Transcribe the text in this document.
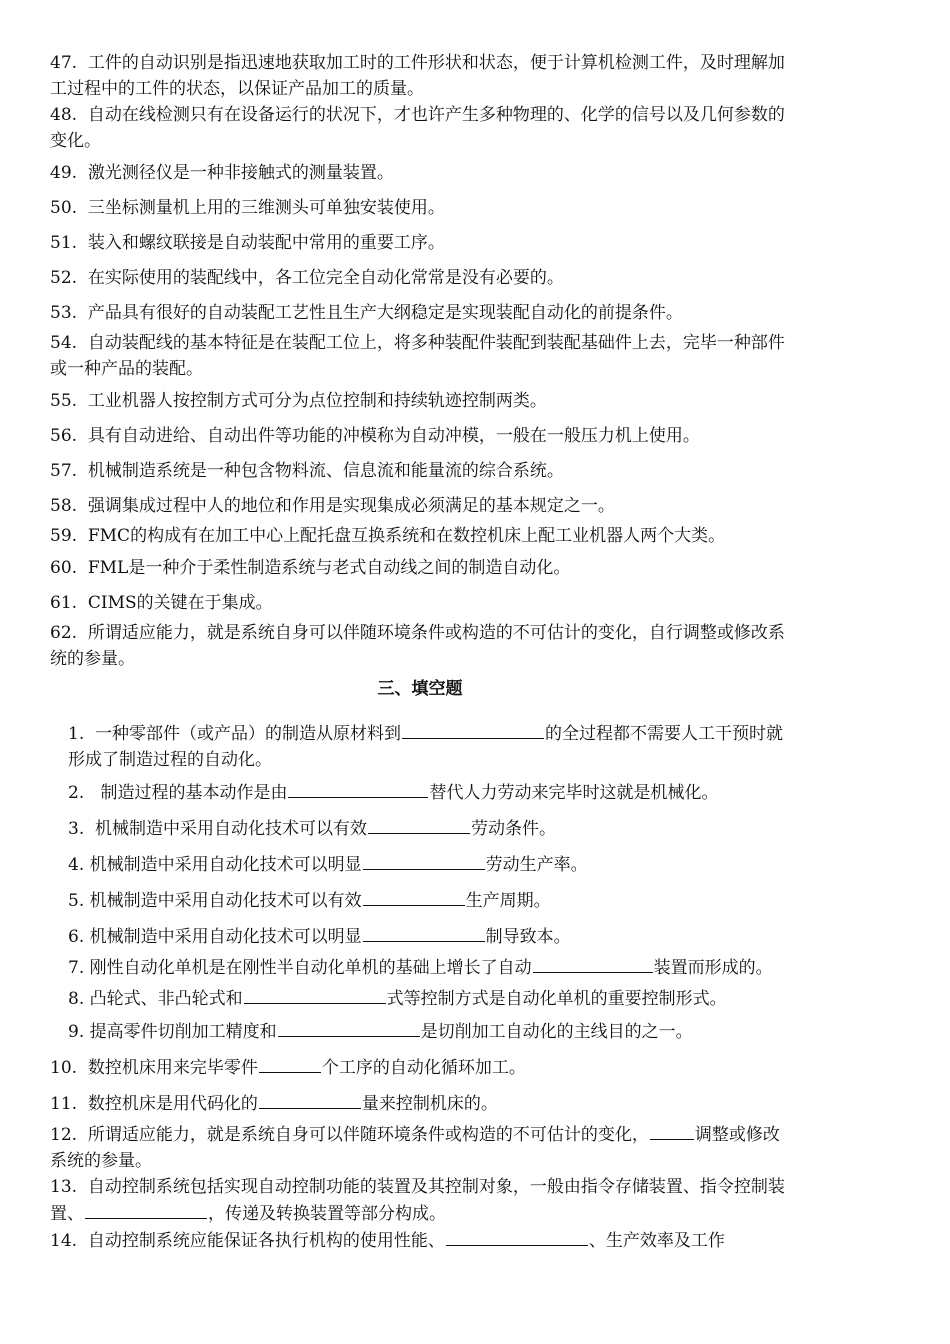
47. 工件的自动识别是指迅速地获取加工时的工件形状和状态，便于计算机检测工件，及时理解加工过程中的工件的状态，以保证产品加工的质量。

48. 自动在线检测只有在设备运行的状况下，才也许产生多种物理的、化学的信号以及几何参数的变化。

49. 激光测径仪是一种非接触式的测量装置。

50. 三坐标测量机上用的三维测头可单独安装使用。

51. 装入和螺纹联接是自动装配中常用的重要工序。

52. 在实际使用的装配线中，各工位完全自动化常常是没有必要的。

53. 产品具有很好的自动装配工艺性且生产大纲稳定是实现装配自动化的前提条件。

54. 自动装配线的基本特征是在装配工位上，将多种装配件装配到装配基础件上去，完毕一种部件或一种产品的装配。

55. 工业机器人按控制方式可分为点位控制和持续轨迹控制两类。

56. 具有自动进给、自动出件等功能的冲模称为自动冲模，一般在一般压力机上使用。

57. 机械制造系统是一种包含物料流、信息流和能量流的综合系统。

58. 强调集成过程中人的地位和作用是实现集成必须满足的基本规定之一。

59. FMC的构成有在加工中心上配托盘互换系统和在数控机床上配工业机器人两个大类。

60. FML是一种介于柔性制造系统与老式自动线之间的制造自动化。

61. CIMS的关键在于集成。

62. 所谓适应能力，就是系统自身可以伴随环境条件或构造的不可估计的变化，自行调整或修改系统的参量。

三、填空题

1. 一种零部件（或产品）的制造从原材料到	的全过程都不需要人工干预时就形成了制造过程的自动化。

2.   制造过程的基本动作是由	替代人力劳动来完毕时这就是机械化。

3. 机械制造中采用自动化技术可以有效	劳动条件。

4. 机械制造中采用自动化技术可以明显	劳动生产率。

5. 机械制造中采用自动化技术可以有效	生产周期。

6. 机械制造中采用自动化技术可以明显	制导致本。

7. 刚性自动化单机是在刚性半自动化单机的基础上增长了自动	装置而形成的。

8. 凸轮式、非凸轮式和	式等控制方式是自动化单机的重要控制形式。

9. 提高零件切削加工精度和	是切削加工自动化的主线目的之一。

10. 数控机床用来完毕零件	个工序的自动化循环加工。

11. 数控机床是用代码化的	量来控制机床的。

12. 所谓适应能力，就是系统自身可以伴随环境条件或构造的不可估计的变化，	调整或修改系统的参量。

13. 自动控制系统包括实现自动控制功能的装置及其控制对象，一般由指令存储装置、指令控制装置、	，传递及转换装置等部分构成。

14. 自动控制系统应能保证各执行机构的使用性能、	、生产效率及工作
